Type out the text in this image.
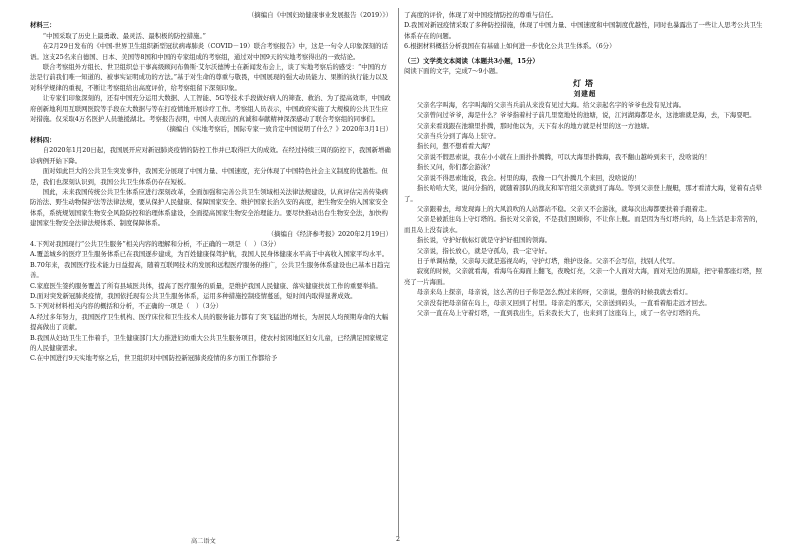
（摘编自《中国妇幼健康事业发展报告（2019）》）

材料三：

“中国采取了历史上最勇敢、最灵活、最积极的防控措施。”

在2月29日发布的《中国-世界卫生组织新型冠状病毒肺炎（COVID－19）联合考察报告》中，这是一句令人印象深刻的话语。这支25名来自德国、日本、美国等8国和中国的专家组成的考察组，通过对中国9天的实地考察得出的一致结论。

联合考察组外方组长、世卫组织总干事高级顾问布鲁斯·艾尔沃德博士在新闻发布会上，谈了实地考察后的感受：“中国的方法是行前我们唯一知道的、被事实证明成功的方法。”基于对生命的尊重与敬畏，中国展现的强大动员能力、果断的执行能力以及对科学规律的重视，不断让考察组给出高度评价，给考察组留下深刻印象。

让专家们印象深刻的，还有中国充分运用大数据、人工智能、5G等技术手段做好病人的筛查、救治、为了提高效率，中国政府创新地利用互联网医院等手段在大数据与等在打疫情地开展诊疗工作。考察组人员表示，中国政府实施了大规模的公共卫生应对措施。仅采取4万名医护人员驰援湖北。考察报告表明，中国人表现出的真诚和奉献精神深深感动了联合考察组的同事们。

（摘编自《实地考察后，国际专家一致肯定中国说明了什么？》2020年3月1日）

材料四：

自2020年1月20日起，我国展开应对新冠肺炎疫情的防控工作并已取得巨大的成效。在经过持续三周的防控下，我国新增确诊病例开始下降。

面对如此巨大的公共卫生突发事件，我国充分展现了中国力量、中国速度，充分体现了中国特色社会主义制度的优越性。但是，我们也深刻认识到，我国公共卫生体系仍存在短板。

国此，未来我国传统公共卫生体系应进行深刻改革，全面加强和完善公共卫生领域相关法律法规建设，认真评估完善传染病防治法、野生动物保护法等法律法规，要从保护人民健康、保障国家安全、维护国家长治久安的高度，把生物安全纳入国家安全体系，系统规划国家生物安全风险防控和治理体系建设，全面提高国家生物安全治理能力。要尽快推动出台生物安全法，加快构建国家生物安全法律法规体系、制度保障体系。

（摘编自《经济参考报》2020年2月19日）

4.下列对我国现行“公共卫生服务”相关内容的理解和分析，不正确的一项是（　）（3分）

A.覆盖城乡的医疗卫生服务体系已在我国逐步建成，为百姓健康保驾护航，我国人民身体健康水平高于中高收入国家平均水平。

B.70年来，我国医疗技术能力日益提高，随着互联网技术的发展和远程医疗服务的推广，公共卫生服务体系建设也已基本日趋完善。

C.家庭医生签约服务覆盖了所有县域医共体，提高了医疗服务的质量，是维护我国人民健康、落实健康扶贫工作的重要举措。

D.面对突发新冠肺炎疫情，我国依托现有公共卫生服务体系，运用多种措施控制疫情蔓延，短时间内取得显著成效。

5.下列对材料相关内容的概括和分析，不正确的一项是（　）（3分）

A.经过多年努力，我国医疗卫生机构、医疗床位和卫生技术人员的服务能力都有了突飞猛进的增长，为居民人均预期寿命的大幅提高做出了贡献。

B.我国从妇幼卫生工作着手，卫生健康部门大力推进妇幼重大公共卫生服务项目，使农村贫困地区妇女儿童，已经满足国家规定的人民健康需求。

C.在中国进行9天实地考察之后，世卫组织对中国防控新冠肺炎疫情的多方面工作都给予

了高度的评价，体现了对中国疫情防控的尊重与信任。

D.我国对新冠疫情采取了多种防控措施，体现了中国力量、中国速度和中国制度优越性，同时也暴露出了一些让人思考公共卫生体系存在的问题。

6.根据材料概括分析我国在有基础上如何进一步优化公共卫生体系。（6分）

（三）文学类文本阅读（本题共3小题，15分）

阅读下面的文字，完成7～9小题。

灯塔

刘建超

父亲名字叫海，名字叫海的父亲当兵前从来没有见过大海。给父亲起名字的爷爷也没有见过海。

父亲曾问过爷爷，海是什么？爷爷指着村子前几里宽地处的池塘，说，江河湖海都是水，这池塘就是海，去，下海耍吧。

父亲来看戏跟在池塘里扑腾，那时他以为，天下有水的地方就是村里的这一方池塘。

父亲当兵分到了海岛上驻守。

指长问，想不想看看大海？

父亲说不假思索说，我在小小就在上面扑扑腾腾，可以大海里扑腾海，我不翻山越岭到来干，没啥说的！

指长又问，你们都会游泳？

父亲说不得思索地说，我会。村里的海，我像一口气扑腾几个来回，没啥说的！

指长哈哈大笑，说问分指的，就随着部队的战友和军官组父亲就到了海岛。等到父亲登上舰艇，那才看清大海，觉着有点晕了。

父亲跟着去，却发现海上的大风浪吹的人站都站不稳。父亲又不会游泳，就每次出海都要扶着手跟着走。

父亲是被派往岛上守灯塔的。指长对父亲说，不是我们照顾你，不让你上舰。而是因为当灯塔兵的，岛上生活是非常苦的，而且岛上没有淡水。

指长说，守护好航标灯就是守护好祖国的领海。

父亲说，指长放心，就是守孤岛，我一定守好。

日子单调枯燥，父亲每天就是巡视岛屿，守护灯塔，维护设备。父亲不会写信，找别人代写。

寂寞的时候，父亲就看海，看海鸟在海面上翻飞，夜晚灯亮，父亲一个人面对大海，面对无边的黑暗，把守着那座灯塔，照亮了一片海面。

母亲来岛上探亲，母亲说，这么苦的日子你是怎么熬过来的呀，父亲说，想你的时候我就去看灯。

父亲没有把母亲留在岛上，母亲又回到了村里。母亲走的那天，父亲送到码头，一直看着船走远才回去。

父亲一直在岛上守着灯塔，一直到我出生，后来我长大了，也来到了这座岛上，成了一名守灯塔的兵。

高二语文	2
